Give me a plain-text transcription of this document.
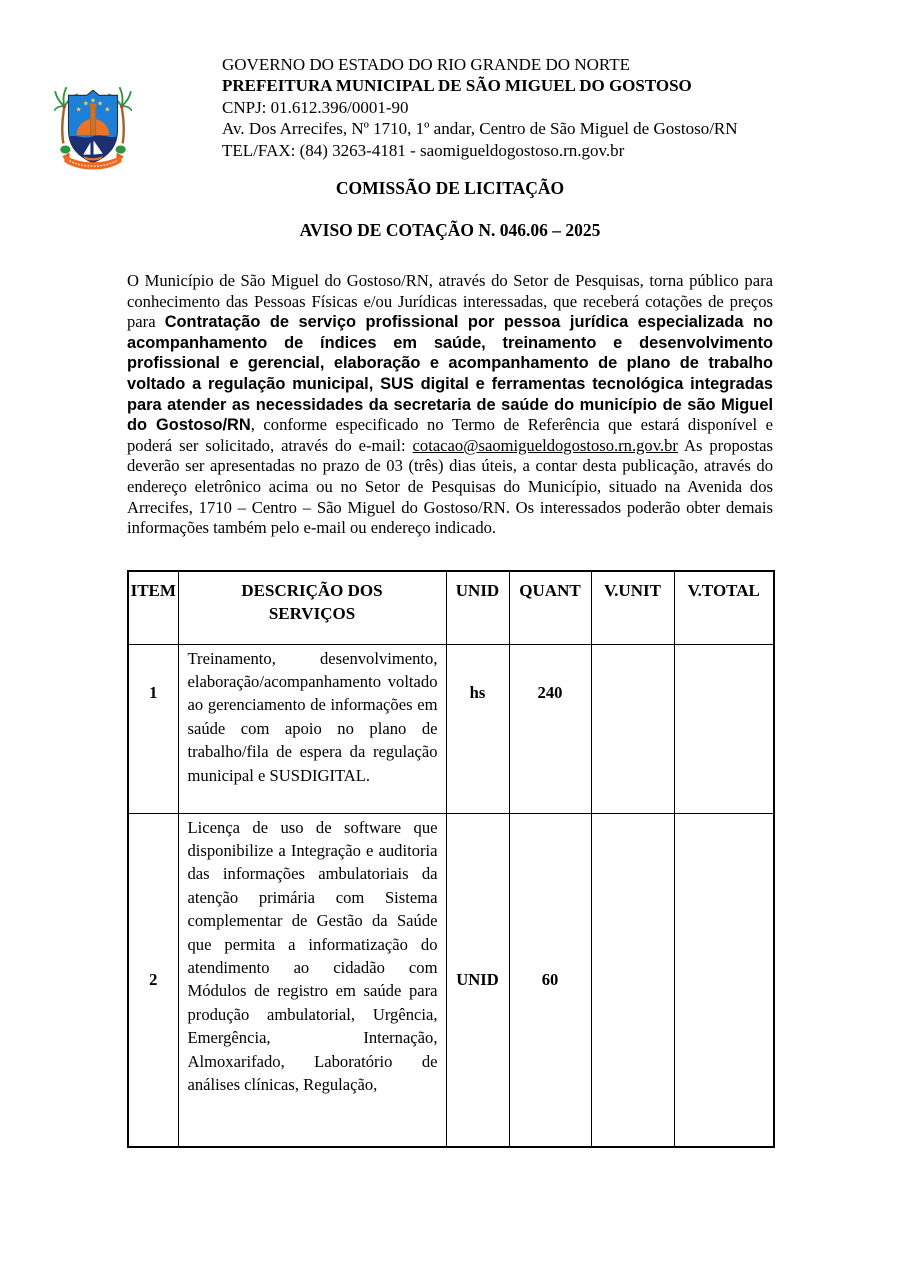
★
★ ★ ★
★
GOVERNO DO ESTADO DO RIO GRANDE DO NORTE
PREFEITURA MUNICIPAL DE SÃO MIGUEL DO GOSTOSO
CNPJ: 01.612.396/0001-90
Av. Dos Arrecifes, Nº 1710, 1º andar, Centro de São Miguel de Gostoso/RN
TEL/FAX: (84) 3263-4181 - saomigueldogostoso.rn.gov.br
COMISSÃO DE LICITAÇÃO
AVISO DE COTAÇÃO N. 046.06 – 2025

O Município de São Miguel do Gostoso/RN, através do Setor de Pesquisas, torna público para conhecimento das Pessoas Físicas e/ou Jurídicas interessadas, que receberá cotações de preços para Contratação de serviço profissional por pessoa jurídica especializada no acompanhamento de índices em saúde, treinamento e desenvolvimento profissional e gerencial, elaboração e acompanhamento de plano de trabalho voltado a regulação municipal, SUS digital e ferramentas tecnológica integradas para atender as necessidades da secretaria de saúde do município de são Miguel do Gostoso/RN, conforme especificado no Termo de Referência que estará disponível e poderá ser solicitado, através do e-mail: cotacao@saomigueldogostoso.rn.gov.br As propostas deverão ser apresentadas no prazo de 03 (três) dias úteis, a contar desta publicação, através do endereço eletrônico acima ou no Setor de Pesquisas do Município, situado na Avenida dos Arrecifes, 1710 – Centro – São Miguel do Gostoso/RN. Os interessados poderão obter demais informações também pelo e-mail ou endereço indicado.

ITEM	DESCRIÇÃO DOS SERVIÇOS	UNID	QUANT	V.UNIT	V.TOTAL
1	Treinamento, desenvolvimento, elaboração/acompanhamento voltado ao gerenciamento de informações em saúde com apoio no plano de trabalho/fila de espera da regulação municipal e SUSDIGITAL.	hs	240		
2	Licença de uso de software que disponibilize a Integração e auditoria das informações ambulatoriais da atenção primária com Sistema complementar de Gestão da Saúde que permita a informatização do atendimento ao cidadão com Módulos de registro em saúde para produção ambulatorial, Urgência, Emergência, Internação, Almoxarifado, Laboratório de análises clínicas, Regulação,	UNID	60		
